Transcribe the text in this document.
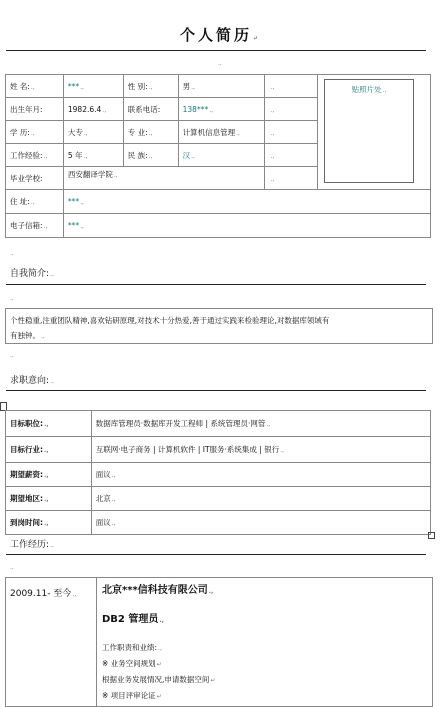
个人简历↵
.,
姓 名:.,	***.,	性 别:.,	男.,	.,	贴照片处.,

出生年月:	1982.6.4.,	联系电话:	138***.,	.,	
学 历:.,	大专.,	专 业:.,	计算机信息管理.,	.,	
工作经验:.,	5 年.,	民 族:.,	汉.,	.,	
毕业学校:	西安翻译学院.,			.,	
住 址:.,	***.,				
电子信箱:.,	***.,				
.,
自我简介:.,
.,
个性稳重,注重团队精神,喜欢钻研原理,对技术十分热爱,善于通过实践来检验理论,对数据库领域有
有独钟。.,
.,
求职意向:.,
目标职位:.,	数据库管理员·数据库开发工程师 | 系统管理员·网管.,
目标行业:.,	互联网·电子商务 | 计算机软件 | IT服务·系统集成 | 银行.,
期望薪资:.,	面议.,
期望地区:.,	北京.,
到岗时间:.,	面议.,
工作经历:.,
.,
2009.11- 至今.,	北京***信科技有限公司.,
DB2 管理员.,
工作职责和业绩:.,
※ 业务空间规划↵
根据业务发展情况,申请数据空间↵
※ 项目评审论证↵
